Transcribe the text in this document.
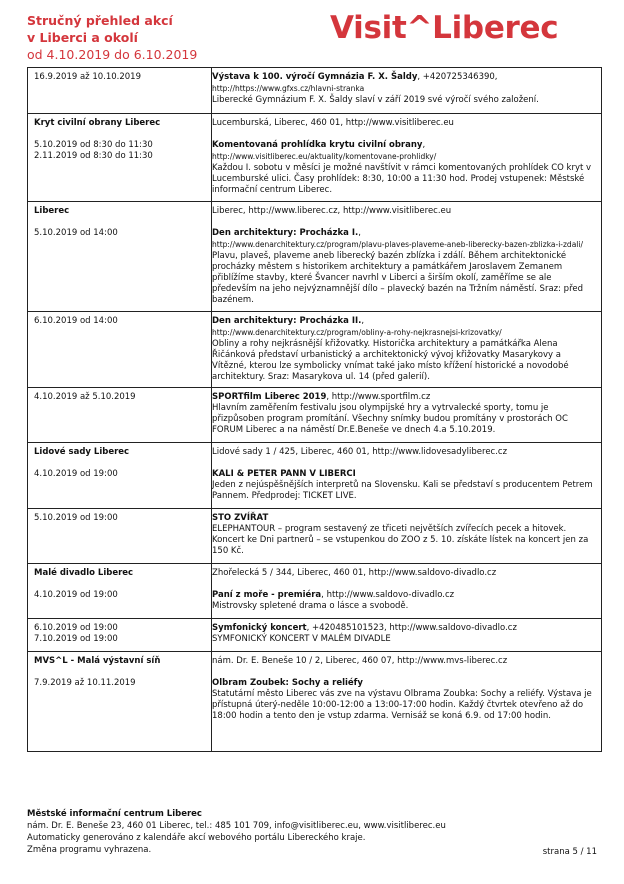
Stručný přehled akcí
v Liberci a okolí
od 4.10.2019 do 6.10.2019
Visit^Liberec
16.9.2019 až 10.10.2019	Výstava k 100. výročí Gymnázia F. X. Šaldy, +420725346390,

http://https://www.gfxs.cz/hlavni-stranka

Liberecké Gymnázium F. X. Šaldy slaví v září 2019 své výročí svého založení.
Kryt civilní obrany Liberec	Lucemburská, Liberec, 460 01, http://www.visitliberec.eu

5.10.2019 od 8:30 do 11:30	Komentovaná prohlídka krytu civilní obrany,
2.11.2019 od 8:30 do 11:30	http://www.visitliberec.eu/aktuality/komentovane-prohlidky/

Každou I. sobotu v měsíci je možné navštívit v rámci komentovaných prohlídek CO kryt v

Lucemburské ulici. Časy prohlídek: 8:30, 10:00 a 11:30 hod. Prodej vstupenek: Městské

informační centrum Liberec.
Liberec	Liberec, http://www.liberec.cz, http://www.visitliberec.eu

5.10.2019 od 14:00	Den architektury: Procházka I.,

http://www.denarchitektury.cz/program/plavu-plaves-plaveme-aneb-liberecky-bazen-zblizka-i-zdali/

Plavu, plaveš, plaveme aneb liberecký bazén zblízka i zdálí. Během architektonické

procházky městem s historikem architektury a památkářem Jaroslavem Zemanem

přiblížíme stavby, které Švancer navrhl v Liberci a širším okolí, zaměříme se ale

především na jeho nejvýznamnější dílo – plavecký bazén na Tržním náměstí. Sraz: před

bazénem.

6.10.2019 od 14:00	Den architektury: Procházka II.,

http://www.denarchitektury.cz/program/obliny-a-rohy-nejkrasnejsi-krizovatky/

Obliny a rohy nejkrásnější křižovatky. Historička architektury a památkářka Alena

Řičánková představí urbanistický a architektonický vývoj křižovatky Masarykovy a

Vítězné, kterou lze symbolicky vnímat také jako místo křížení historické a novodobé

architektury. Sraz: Masarykova ul. 14 (před galerií).
4.10.2019 až 5.10.2019	SPORTfilm Liberec 2019, http://www.sportfilm.cz

Hlavním zaměřením festivalu jsou olympijské hry a vytrvalecké sporty, tomu je

přizpůsoben program promítání. Všechny snímky budou promítány v prostorách OC

FORUM Liberec a na náměstí Dr.E.Beneše ve dnech 4.a 5.10.2019.
Lidové sady Liberec	Lidové sady 1 / 425, Liberec, 460 01, http://www.lidovesadyliberec.cz

4.10.2019 od 19:00	KALI & PETER PANN V LIBERCI

Jeden z nejúspěšnějších interpretů na Slovensku. Kali se představí s producentem Petrem

Pannem. Předprodej: TICKET LIVE.
5.10.2019 od 19:00	STO ZVÍŘAT

ELEPHANTOUR – program sestavený ze třiceti největších zvířecích pecek a hitovek.

Koncert ke Dni partnerů – se vstupenkou do ZOO z 5. 10. získáte lístek na koncert jen za

150 Kč.

Malé divadlo Liberec	Zhořelecká 5 / 344, Liberec, 460 01, http://www.saldovo-divadlo.cz

4.10.2019 od 19:00	Paní z moře - premiéra, http://www.saldovo-divadlo.cz

Mistrovsky spletené drama o lásce a svobodě.
6.10.2019 od 19:00	Symfonický koncert, +420485101523, http://www.saldovo-divadlo.cz
7.10.2019 od 19:00	SYMFONICKÝ KONCERT V MALÉM DIVADLE
MVS^L - Malá výstavní síň	nám. Dr. E. Beneše 10 / 2, Liberec, 460 07, http://www.mvs-liberec.cz

7.9.2019 až 10.11.2019	Olbram Zoubek: Sochy a reliéfy

Statutární město Liberec vás zve na výstavu Olbrama Zoubka: Sochy a reliéfy. Výstava je

přístupná úterý-neděle 10:00-12:00 a 13:00-17:00 hodin. Každý čtvrtek otevřeno až do

18:00 hodin a tento den je vstup zdarma. Vernisáž se koná 6.9. od 17:00 hodin.

Městské informační centrum Liberec
nám. Dr. E. Beneše 23, 460 01 Liberec, tel.: 485 101 709, info@visitliberec.eu, www.visitliberec.eu
Automaticky generováno z kalendáře akcí webového portálu Libereckého kraje.
Změna programu vyhrazena.	strana 5 / 11
